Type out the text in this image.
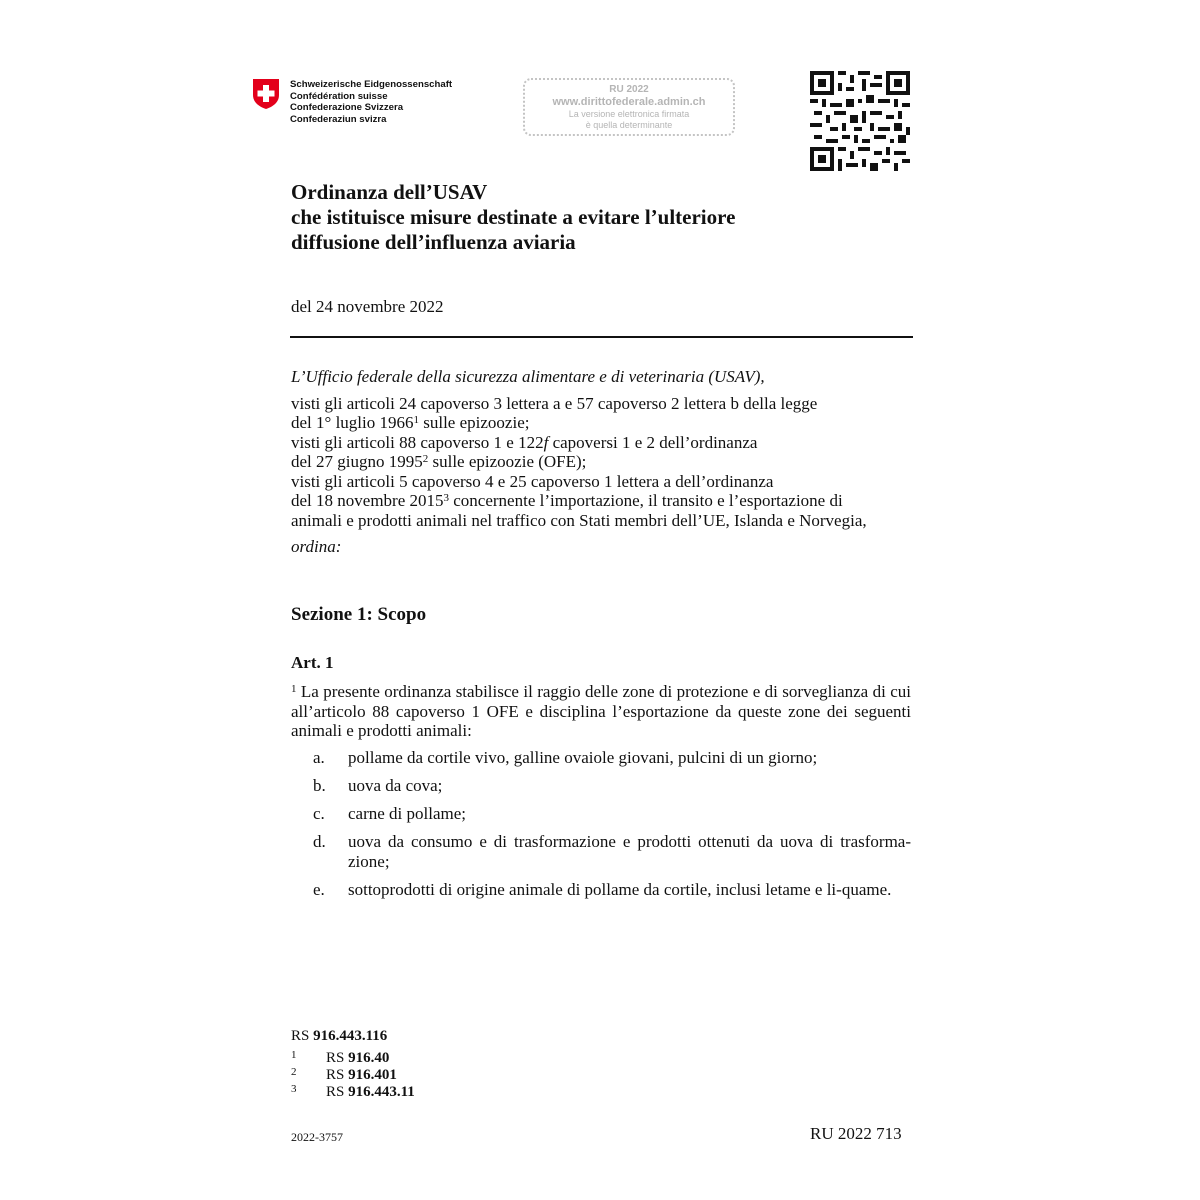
Schweizerische Eidgenossenschaft
Confédération suisse
Confederazione Svizzera
Confederaziun svizra
RU 2022
www.dirittofederale.admin.ch
La versione elettronica firmata
è quella determinante
Ordinanza dell’USAV
che istituisce misure destinate a evitare l’ulteriore
diffusione dell’influenza aviaria
del 24 novembre 2022
L’Ufficio federale della sicurezza alimentare e di veterinaria (USAV),
visti gli articoli 24 capoverso 3 lettera a e 57 capoverso 2 lettera b della legge
del 1° luglio 1966$^1$ sulle epizoozie;
visti gli articoli 88 capoverso 1 e 122f capoversi 1 e 2 dell’ordinanza
del 27 giugno 1995$^2$ sulle epizoozie (OFE);
visti gli articoli 5 capoverso 4 e 25 capoverso 1 lettera a dell’ordinanza
del 18 novembre 2015$^3$ concernente l’importazione, il transito e l’esportazione di
animali e prodotti animali nel traffico con Stati membri dell’UE, Islanda e Norvegia,
ordina:
Sezione 1: Scopo
Art. 1
$^1$ La presente ordinanza stabilisce il raggio delle zone di protezione e di sorveglianza di cui all’articolo 88 capoverso 1 OFE e disciplina l’esportazione da queste zone dei seguenti animali e prodotti animali:
a. pollame da cortile vivo, galline ovaiole giovani, pulcini di un giorno;
b. uova da cova;
c. carne di pollame;
d. uova da consumo e di trasformazione e prodotti ottenuti da uova di trasforma-zione;
e. sottoprodotti di origine animale di pollame da cortile, inclusi letame e li-quame.
RS 916.443.116
1 RS 916.40
2 RS 916.401
3 RS 916.443.11
2022-3757	RU 2022 713
